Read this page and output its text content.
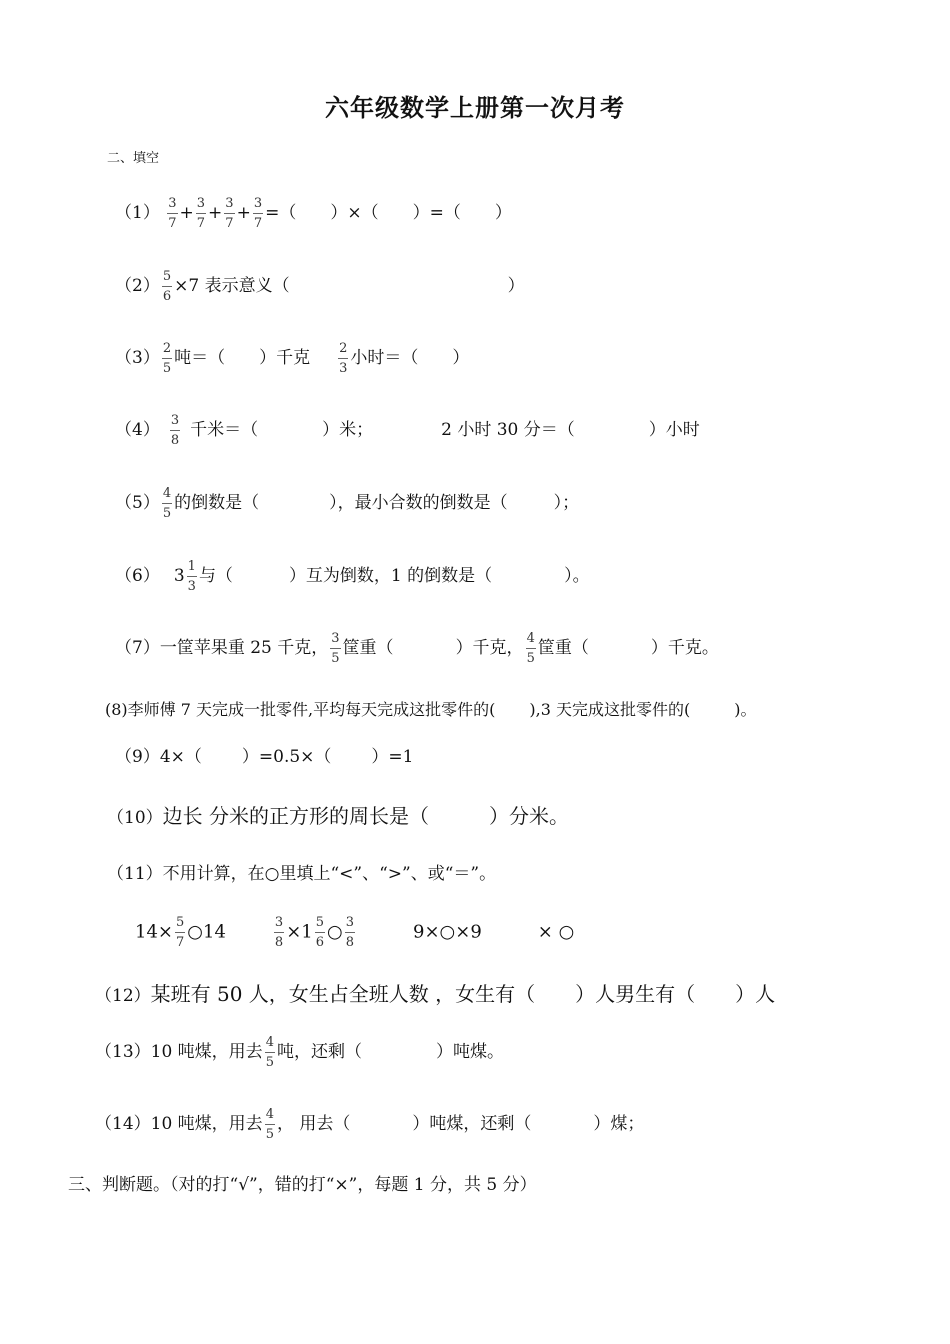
六年级数学上册第一次月考
二、填空
$(1) \frac{3}{7} + \frac{3}{7} + \frac{3}{7} + \frac{3}{7}$ =（　　）×（　　）=（　　）
$(2) \frac{5}{6} \times 7$ 表示意义（	）
$(3) \frac{2}{5}$ 吨＝（　　）千克 $\frac{2}{3}$ 小时＝（　　）
$(4) \frac{3}{8}$ 千米＝（	）米；	2 小时 30 分＝（	）小时
$(5) \frac{4}{5}$ 的倒数是（	），最小合数的倒数是（	）；
（6） $3 \frac{1}{3}$ 与（	）互为倒数，1 的倒数是（	）。
（7）一筐苹果重 25 千克， $\frac{3}{5}$ 筐重（	）千克， $\frac{4}{5}$ 筐重（	）千克。
(8)李师傅 7 天完成一批零件,平均每天完成这批零件的( ),3 天完成这批零件的(	)。
（9）4×（ ）=0.5×（ ）=1
（10）边长 分米的正方形的周长是（	）分米。
（11）不用计算，在○里填上“<”、“>”、或“＝”。
$14\times \frac{5}{7}$ ○14	$\frac{3}{8} \times 1 \frac{5}{6}$ ○ $\frac{3}{8}$	9×○×9	× ○
（12）某班有 50 人，女生占全班人数 ，女生有（ ）人男生有（ ）人
（13）10 吨煤，用去 $\frac{4}{5}$ 吨，还剩（	）吨煤。
（14）10 吨煤，用去 $\frac{4}{5}$ ， 用去（	）吨煤，还剩（	）煤；
三、判断题。（对的打“√”，错的打“×”，每题 1 分，共 5 分）
